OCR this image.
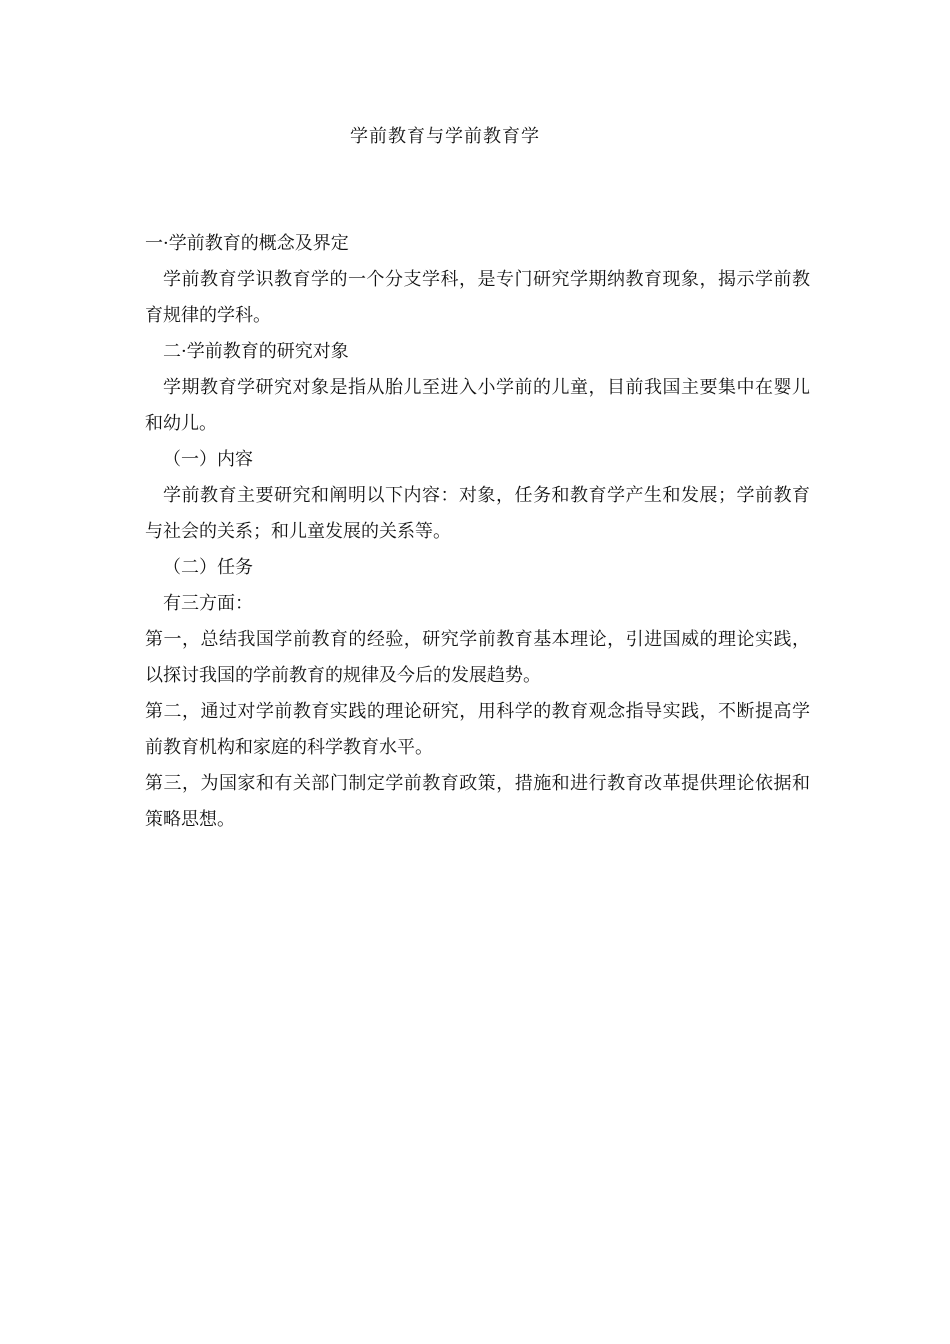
学前教育与学前教育学

一·学前教育的概念及界定

学前教育学识教育学的一个分支学科，是专门研究学期纳教育现象，揭示学前教育规律的学科。

二·学前教育的研究对象

学期教育学研究对象是指从胎儿至进入小学前的儿童，目前我国主要集中在婴儿和幼儿。

（一）内容

学前教育主要研究和阐明以下内容：对象，任务和教育学产生和发展；学前教育与社会的关系；和儿童发展的关系等。

（二）任务

有三方面：

第一，总结我国学前教育的经验，研究学前教育基本理论，引进国威的理论实践，以探讨我国的学前教育的规律及今后的发展趋势。

第二，通过对学前教育实践的理论研究，用科学的教育观念指导实践，不断提高学前教育机构和家庭的科学教育水平。

第三，为国家和有关部门制定学前教育政策，措施和进行教育改革提供理论依据和策略思想。
